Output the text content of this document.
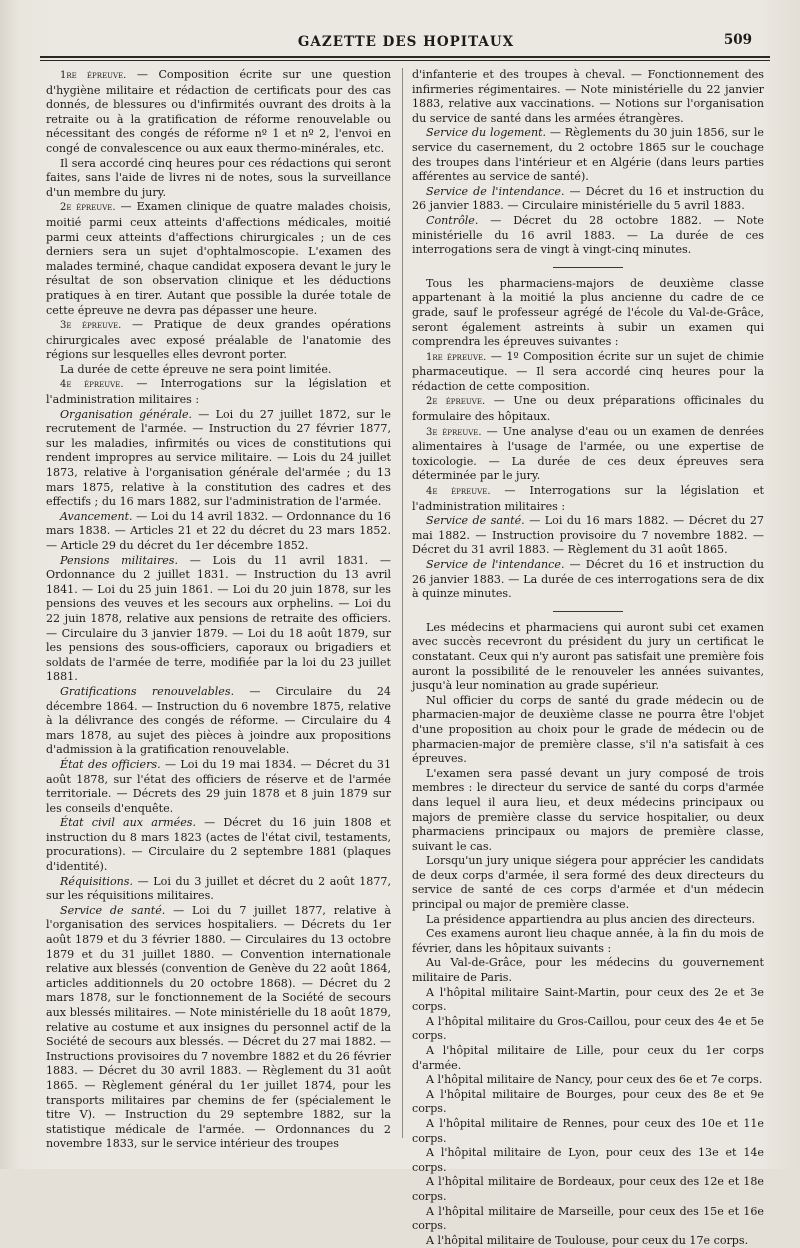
GAZETTE DES HOPITAUX	509

1re épreuve. — Composition écrite sur une question d'hygiène militaire et rédaction de certificats pour des cas donnés, de blessures ou d'infirmités ouvrant des droits à la retraite ou à la gratification de réforme renouvelable ou nécessitant des congés de réforme nº 1 et nº 2, l'envoi en congé de convalescence ou aux eaux thermo-minérales, etc.

Il sera accordé cinq heures pour ces rédactions qui seront faites, sans l'aide de livres ni de notes, sous la surveillance d'un membre du jury.

2e épreuve. — Examen clinique de quatre malades choisis, moitié parmi ceux atteints d'affections médicales, moitié parmi ceux atteints d'affections chirurgicales ; un de ces derniers sera un sujet d'ophtalmoscopie. L'examen des malades terminé, chaque candidat exposera devant le jury le résultat de son observation clinique et les déductions pratiques à en tirer. Autant que possible la durée totale de cette épreuve ne devra pas dépasser une heure.

3e épreuve. — Pratique de deux grandes opérations chirurgicales avec exposé préalable de l'anatomie des régions sur lesquelles elles devront porter.

La durée de cette épreuve ne sera point limitée.

4e épreuve. — Interrogations sur la législation et l'administration militaires :

Organisation générale. — Loi du 27 juillet 1872, sur le recrutement de l'armée. — Instruction du 27 février 1877, sur les maladies, infirmités ou vices de constitutions qui rendent impropres au service militaire. — Lois du 24 juillet 1873, relative à l'organisation générale del'armée ; du 13 mars 1875, relative à la constitution des cadres et des effectifs ; du 16 mars 1882, sur l'administration de l'armée.

Avancement. — Loi du 14 avril 1832. — Ordonnance du 16 mars 1838. — Articles 21 et 22 du décret du 23 mars 1852. — Article 29 du décret du 1er décembre 1852.

Pensions militaires. — Lois du 11 avril 1831. — Ordonnance du 2 juillet 1831. — Instruction du 13 avril 1841. — Loi du 25 juin 1861. — Loi du 20 juin 1878, sur les pensions des veuves et les secours aux orphelins. — Loi du 22 juin 1878, relative aux pensions de retraite des officiers. — Circulaire du 3 janvier 1879. — Loi du 18 août 1879, sur les pensions des sous-officiers, caporaux ou brigadiers et soldats de l'armée de terre, modifiée par la loi du 23 juillet 1881.

Gratifications renouvelables. — Circulaire du 24 décembre 1864. — Instruction du 6 novembre 1875, relative à la délivrance des congés de réforme. — Circulaire du 4 mars 1878, au sujet des pièces à joindre aux propositions d'admission à la gratification renouvelable.

État des officiers. — Loi du 19 mai 1834. — Décret du 31 août 1878, sur l'état des officiers de réserve et de l'armée territoriale. — Décrets des 29 juin 1878 et 8 juin 1879 sur les conseils d'enquête.

État civil aux armées. — Décret du 16 juin 1808 et instruction du 8 mars 1823 (actes de l'état civil, testaments, procurations). — Circulaire du 2 septembre 1881 (plaques d'identité).

Réquisitions. — Loi du 3 juillet et décret du 2 août 1877, sur les réquisitions militaires.

Service de santé. — Loi du 7 juillet 1877, relative à l'organisation des services hospitaliers. — Décrets du 1er août 1879 et du 3 février 1880. — Circulaires du 13 octobre 1879 et du 31 juillet 1880. — Convention internationale relative aux blessés (convention de Genève du 22 août 1864, articles additionnels du 20 octobre 1868). — Décret du 2 mars 1878, sur le fonctionnement de la Société de secours aux blessés militaires. — Note ministérielle du 18 août 1879, relative au costume et aux insignes du personnel actif de la Société de secours aux blessés. — Décret du 27 mai 1882. — Instructions provisoires du 7 novembre 1882 et du 26 février 1883. — Décret du 30 avril 1883. — Règlement du 31 août 1865. — Règlement général du 1er juillet 1874, pour les transports militaires par chemins de fer (spécialement le titre V). — Instruction du 29 septembre 1882, sur la statistique médicale de l'armée. — Ordonnances du 2 novembre 1833, sur le service intérieur des troupes

d'infanterie et des troupes à cheval. — Fonctionnement des infirmeries régimentaires. — Note ministérielle du 22 janvier 1883, relative aux vaccinations. — Notions sur l'organisation du service de santé dans les armées étrangères.

Service du logement. — Règlements du 30 juin 1856, sur le service du casernement, du 2 octobre 1865 sur le couchage des troupes dans l'intérieur et en Algérie (dans leurs parties afférentes au service de santé).

Service de l'intendance. — Décret du 16 et instruction du 26 janvier 1883. — Circulaire ministérielle du 5 avril 1883.

Contrôle. — Décret du 28 octobre 1882. — Note ministérielle du 16 avril 1883. — La durée de ces interrogations sera de vingt à vingt-cinq minutes.

Tous les pharmaciens-majors de deuxième classe appartenant à la moitié la plus ancienne du cadre de ce grade, sauf le professeur agrégé de l'école du Val-de-Grâce, seront également astreints à subir un examen qui comprendra les épreuves suivantes :

1re épreuve. — 1º Composition écrite sur un sujet de chimie pharmaceutique. — Il sera accordé cinq heures pour la rédaction de cette composition.

2e épreuve. — Une ou deux préparations officinales du formulaire des hôpitaux.

3e épreuve. — Une analyse d'eau ou un examen de denrées alimentaires à l'usage de l'armée, ou une expertise de toxicologie. — La durée de ces deux épreuves sera déterminée par le jury.

4e épreuve. — Interrogations sur la législation et l'administration militaires :

Service de santé. — Loi du 16 mars 1882. — Décret du 27 mai 1882. — Instruction provisoire du 7 novembre 1882. — Décret du 31 avril 1883. — Règlement du 31 août 1865.

Service de l'intendance. — Décret du 16 et instruction du 26 janvier 1883. — La durée de ces interrogations sera de dix à quinze minutes.

Les médecins et pharmaciens qui auront subi cet examen avec succès recevront du président du jury un certificat le constatant. Ceux qui n'y auront pas satisfait une première fois auront la possibilité de le renouveler les années suivantes, jusqu'à leur nomination au grade supérieur.

Nul officier du corps de santé du grade médecin ou de pharmacien-major de deuxième classe ne pourra être l'objet d'une proposition au choix pour le grade de médecin ou de pharmacien-major de première classe, s'il n'a satisfait à ces épreuves.

L'examen sera passé devant un jury composé de trois membres : le directeur du service de santé du corps d'armée dans lequel il aura lieu, et deux médecins principaux ou majors de première classe du service hospitalier, ou deux pharmaciens principaux ou majors de première classe, suivant le cas.

Lorsqu'un jury unique siégera pour apprécier les candidats de deux corps d'armée, il sera formé des deux directeurs du service de santé de ces corps d'armée et d'un médecin principal ou major de première classe.

La présidence appartiendra au plus ancien des directeurs.

Ces examens auront lieu chaque année, à la fin du mois de février, dans les hôpitaux suivants :

Au Val-de-Grâce, pour les médecins du gouvernement militaire de Paris.

A l'hôpital militaire Saint-Martin, pour ceux des 2e et 3e corps.

A l'hôpital militaire du Gros-Caillou, pour ceux des 4e et 5e corps.

A l'hôpital militaire de Lille, pour ceux du 1er corps d'armée.

A l'hôpital militaire de Nancy, pour ceux des 6e et 7e corps.

A l'hôpital militaire de Bourges, pour ceux des 8e et 9e corps.

A l'hôpital militaire de Rennes, pour ceux des 10e et 11e corps.

A l'hôpital militaire de Lyon, pour ceux des 13e et 14e corps.

A l'hôpital militaire de Bordeaux, pour ceux des 12e et 18e corps.

A l'hôpital militaire de Marseille, pour ceux des 15e et 16e corps.

A l'hôpital militaire de Toulouse, pour ceux du 17e corps.
